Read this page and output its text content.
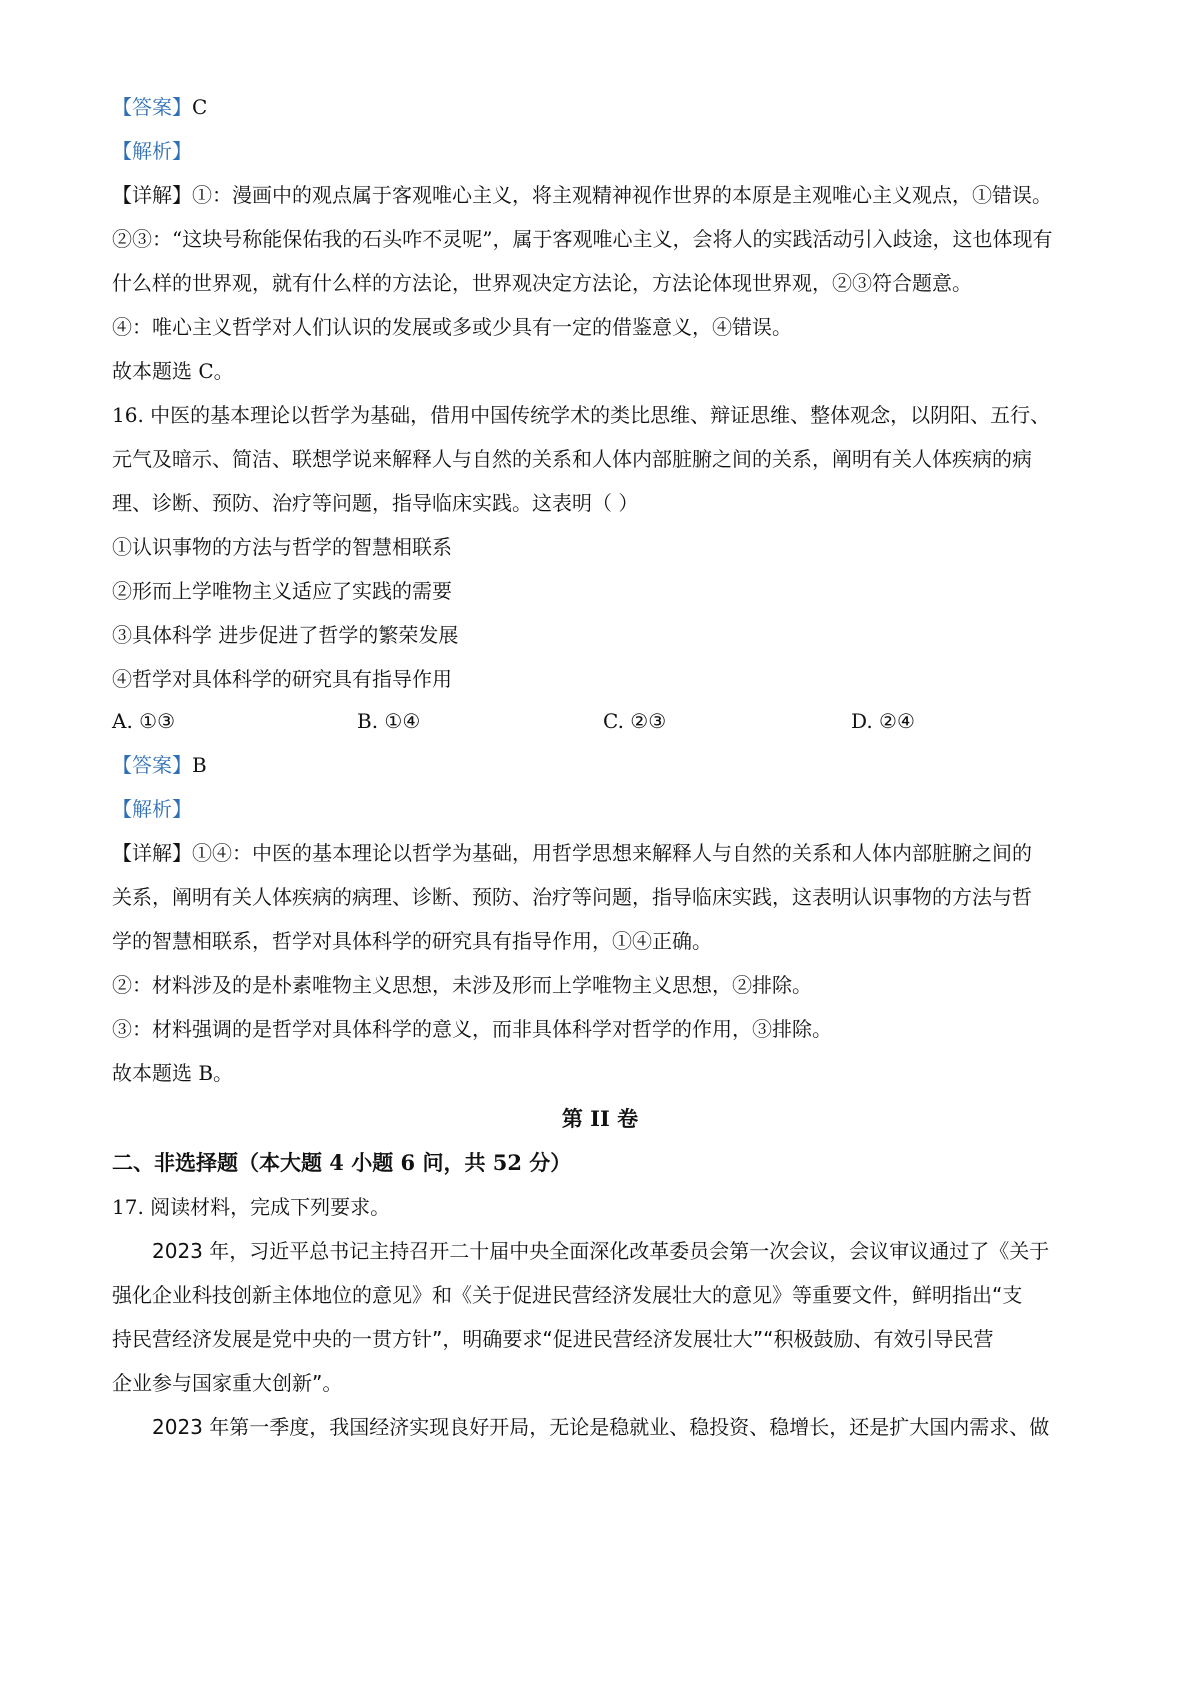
【答案】C
【解析】
【详解】①：漫画中的观点属于客观唯心主义，将主观精神视作世界的本原是主观唯心主义观点，①错误。
②③：“这块号称能保佑我的石头咋不灵呢”，属于客观唯心主义，会将人的实践活动引入歧途，这也体现有
什么样的世界观，就有什么样的方法论，世界观决定方法论，方法论体现世界观，②③符合题意。
④：唯心主义哲学对人们认识的发展或多或少具有一定的借鉴意义，④错误。
故本题选 C。
16. 中医的基本理论以哲学为基础，借用中国传统学术的类比思维、辩证思维、整体观念，以阴阳、五行、
元气及暗示、简洁、联想学说来解释人与自然的关系和人体内部脏腑之间的关系，阐明有关人体疾病的病
理、诊断、预防、治疗等问题，指导临床实践。这表明（ ）
①认识事物的方法与哲学的智慧相联系
②形而上学唯物主义适应了实践的需要
③具体科学 进步促进了哲学的繁荣发展
④哲学对具体科学的研究具有指导作用
A. ①③	B. ①④	C. ②③	D. ②④
【答案】B
【解析】
【详解】①④：中医的基本理论以哲学为基础，用哲学思想来解释人与自然的关系和人体内部脏腑之间的
关系，阐明有关人体疾病的病理、诊断、预防、治疗等问题，指导临床实践，这表明认识事物的方法与哲
学的智慧相联系，哲学对具体科学的研究具有指导作用，①④正确。
②：材料涉及的是朴素唯物主义思想，未涉及形而上学唯物主义思想，②排除。
③：材料强调的是哲学对具体科学的意义，而非具体科学对哲学的作用，③排除。
故本题选 B。
第 II 卷
二、非选择题（本大题 4 小题 6 问，共 52 分）
17. 阅读材料，完成下列要求。
2023 年，习近平总书记主持召开二十届中央全面深化改革委员会第一次会议，会议审议通过了《关于
强化企业科技创新主体地位的意见》和《关于促进民营经济发展壮大的意见》等重要文件，鲜明指出“支
持民营经济发展是党中央的一贯方针”，明确要求“促进民营经济发展壮大”“积极鼓励、有效引导民营
企业参与国家重大创新”。
2023 年第一季度，我国经济实现良好开局，无论是稳就业、稳投资、稳增长，还是扩大国内需求、做
